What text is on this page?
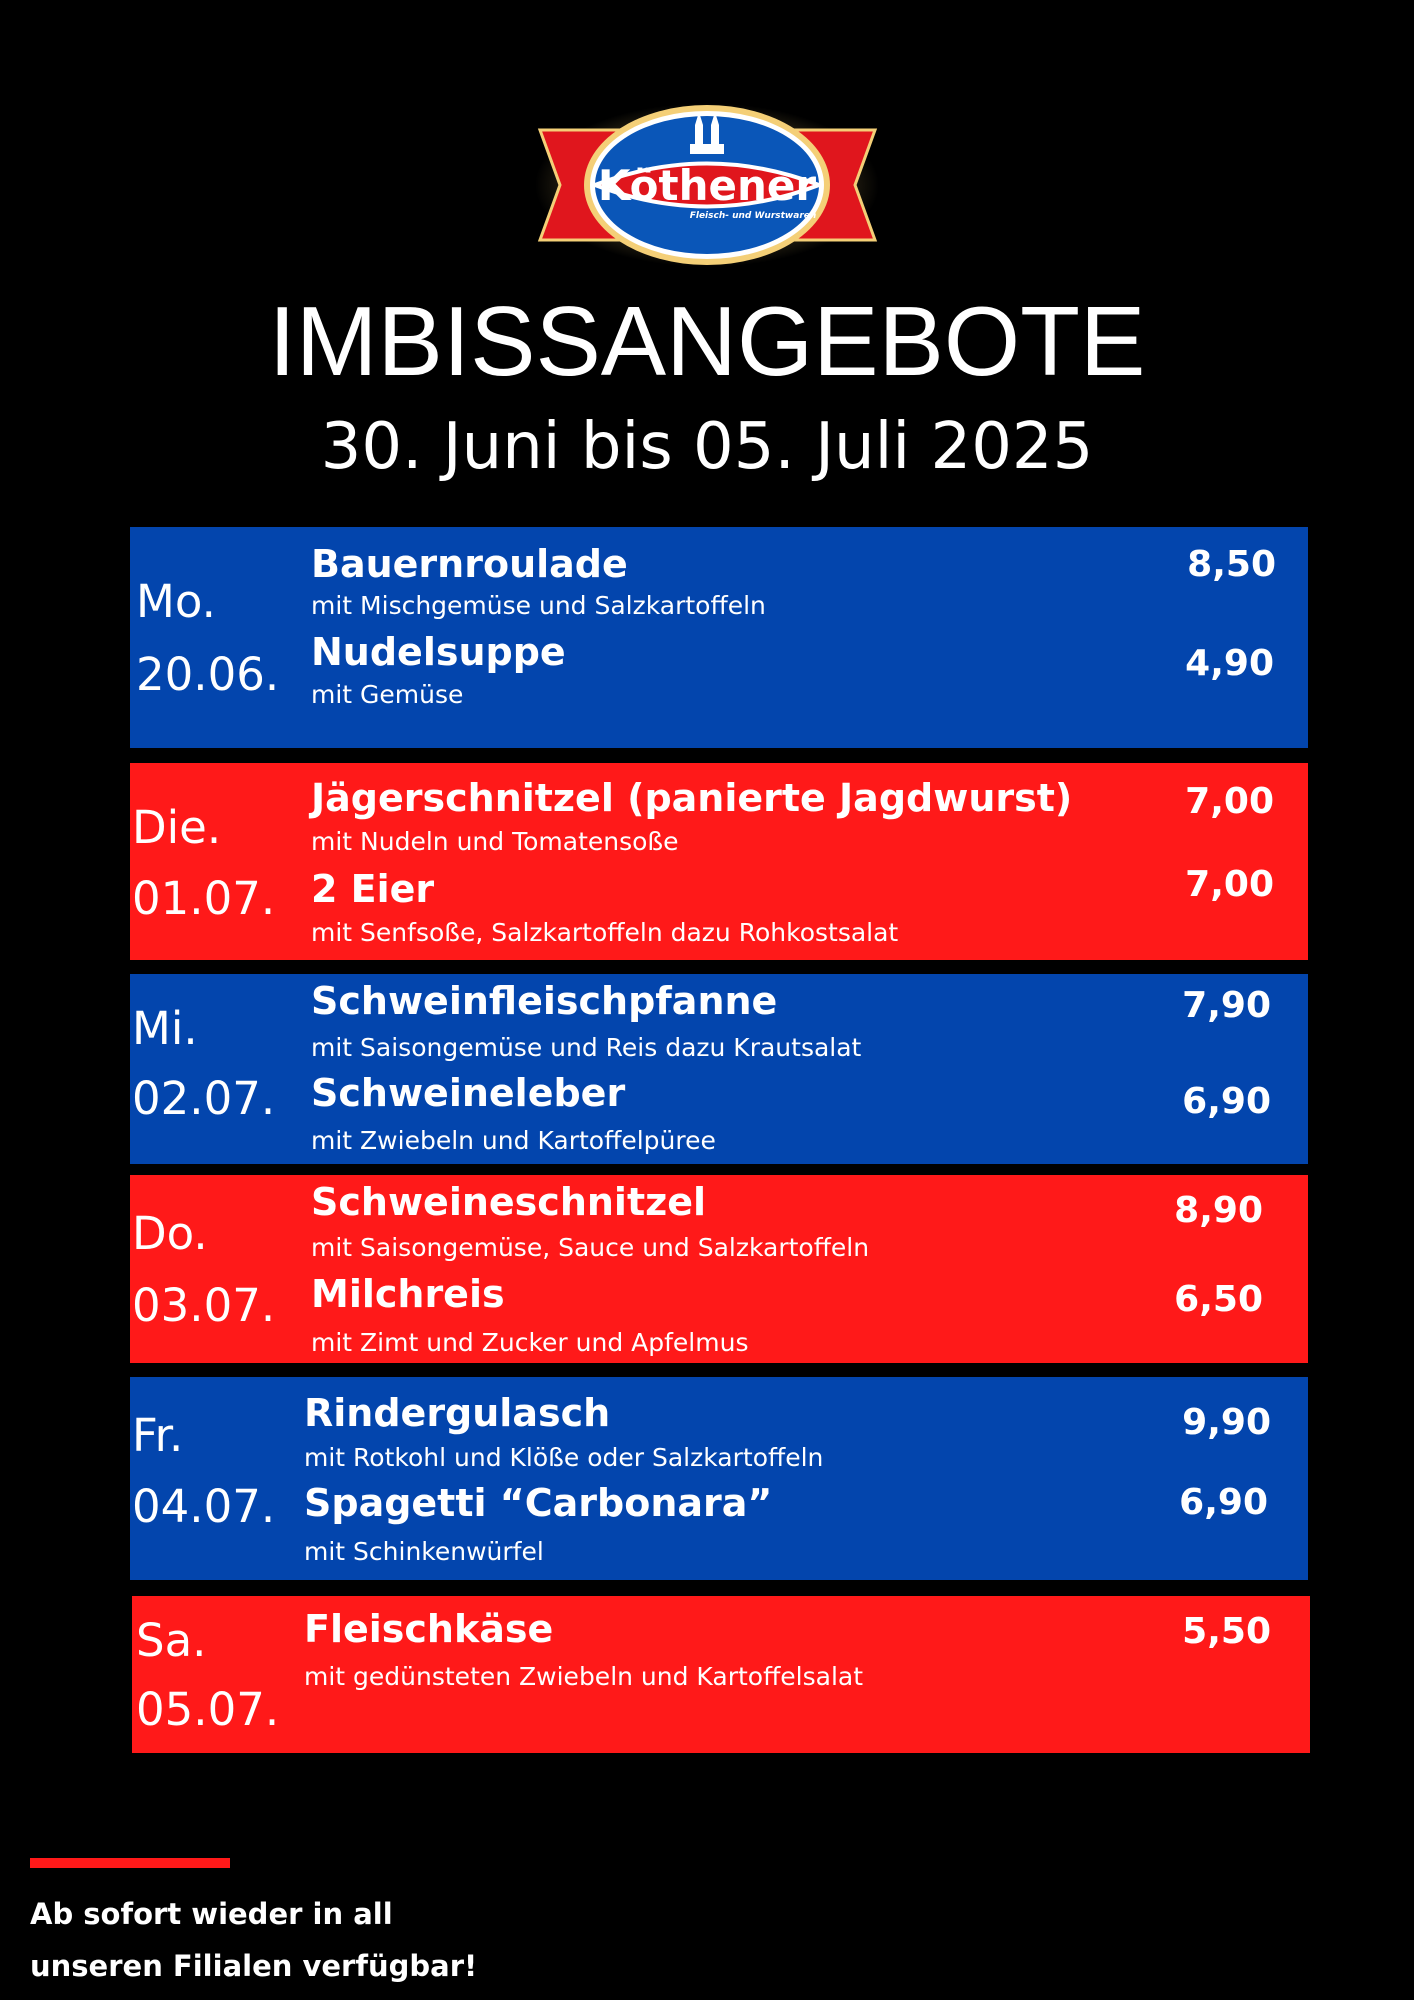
Köthener
Fleisch- und Wurstwaren
IMBISSANGEBOTE
30. Juni bis 05. Juli 2025
Mo.
20.06.
Bauernroulade
mit Mischgemüse und Salzkartoffeln
8,50
Nudelsuppe
mit Gemüse
4,90
Die.
01.07.
Jägerschnitzel (panierte Jagdwurst)
mit Nudeln und Tomatensoße
7,00
2 Eier
mit Senfsoße, Salzkartoffeln dazu Rohkostsalat
7,00
Mi.
02.07.
Schweinfleischpfanne
mit Saisongemüse und Reis dazu Krautsalat
7,90
Schweineleber
mit Zwiebeln und Kartoffelpüree
6,90
Do.
03.07.
Schweineschnitzel
mit Saisongemüse, Sauce und Salzkartoffeln
8,90
Milchreis
mit Zimt und Zucker und Apfelmus
6,50
Fr.
04.07.
Rindergulasch
mit Rotkohl und Klöße oder Salzkartoffeln
9,90
Spagetti “Carbonara”
mit Schinkenwürfel
6,90
Sa.
05.07.
Fleischkäse
mit gedünsteten Zwiebeln und Kartoffelsalat
5,50
Ab sofort wieder in all
unseren Filialen verfügbar!
